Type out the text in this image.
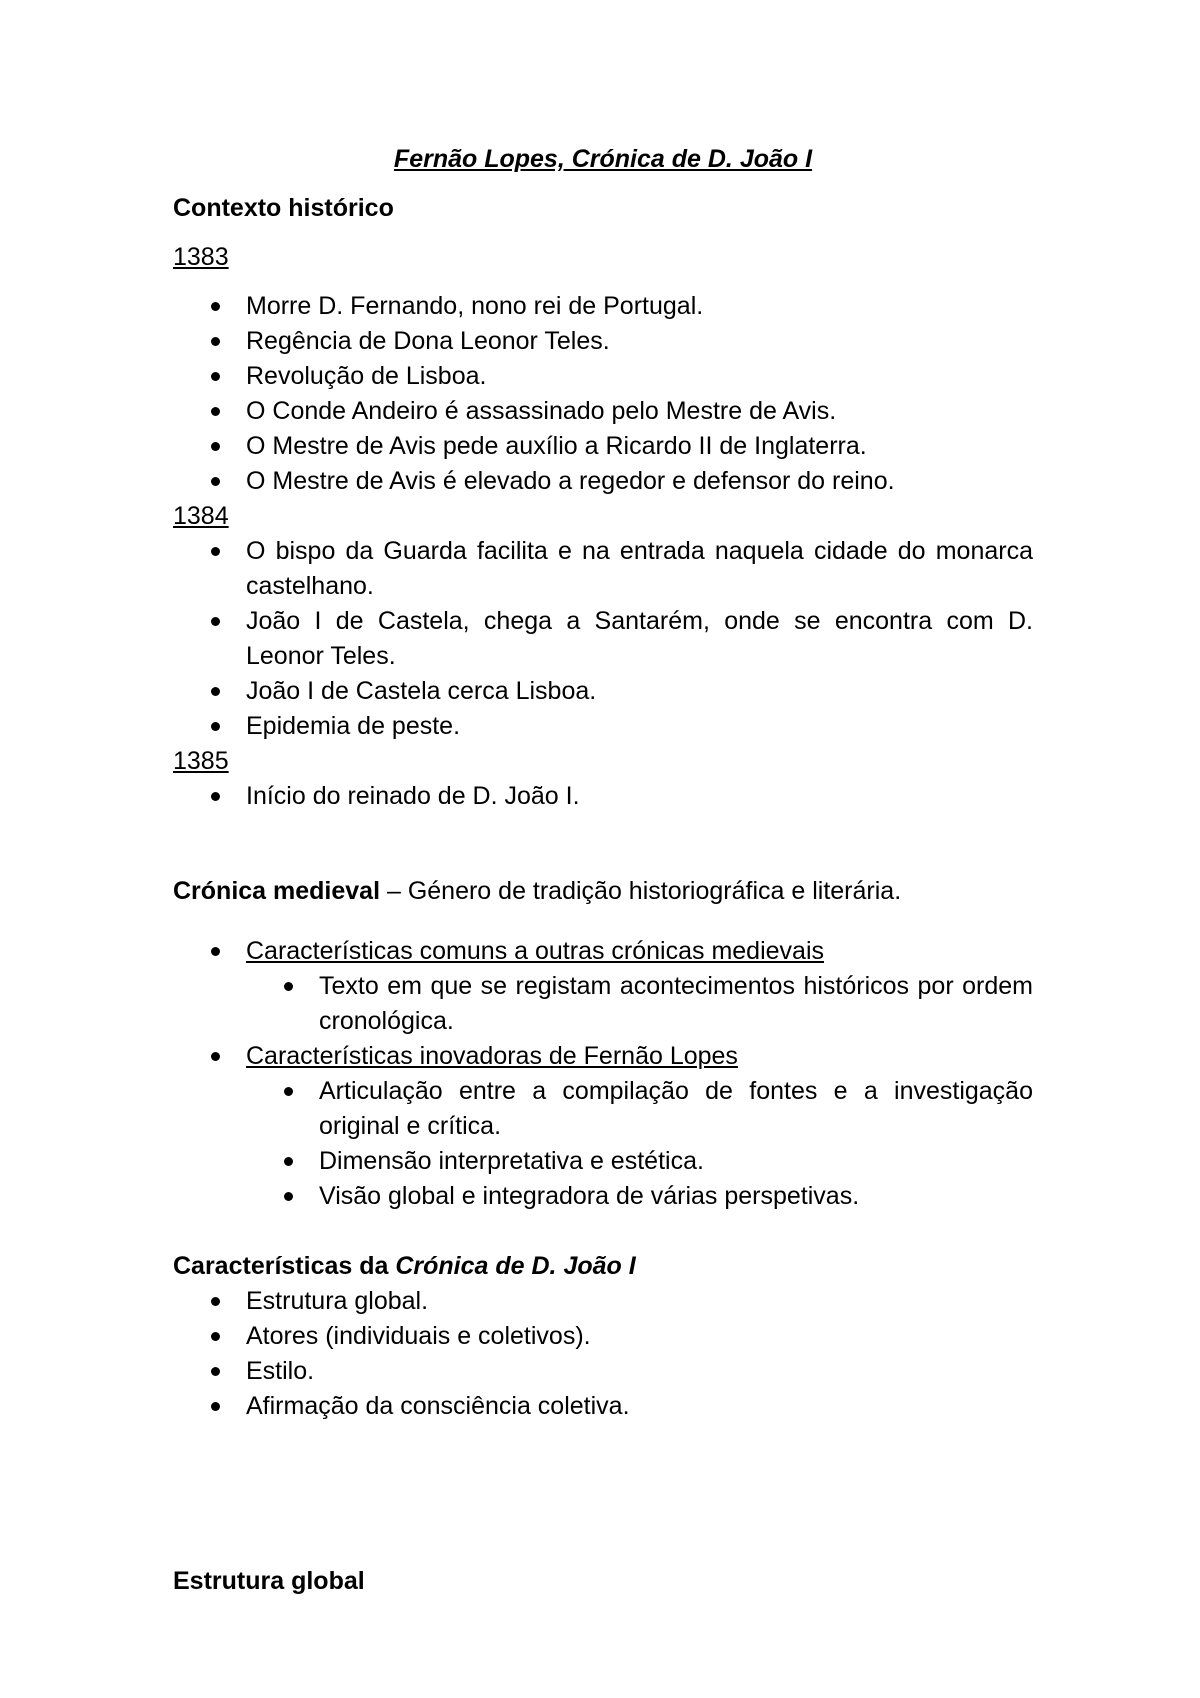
Fernão Lopes, Crónica de D. João I

Contexto histórico

1383

Morre D. Fernando, nono rei de Portugal.
Regência de Dona Leonor Teles.
Revolução de Lisboa.
O Conde Andeiro é assassinado pelo Mestre de Avis.
O Mestre de Avis pede auxílio a Ricardo II de Inglaterra.
O Mestre de Avis é elevado a regedor e defensor do reino.

1384

O bispo da Guarda facilita e na entrada naquela cidade do monarca castelhano.
João I de Castela, chega a Santarém, onde se encontra com D. Leonor Teles.
João I de Castela cerca Lisboa.
Epidemia de peste.

1385

Início do reinado de D. João I.

Crónica medieval – Género de tradição historiográfica e literária.

Características comuns a outras crónicas medievais
Texto em que se registam acontecimentos históricos por ordem cronológica.
Características inovadoras de Fernão Lopes
Articulação entre a compilação de fontes e a investigação original e crítica.
Dimensão interpretativa e estética.
Visão global e integradora de várias perspetivas.

Características da Crónica de D. João I

Estrutura global.
Atores (individuais e coletivos).
Estilo.
Afirmação da consciência coletiva.

Estrutura global
